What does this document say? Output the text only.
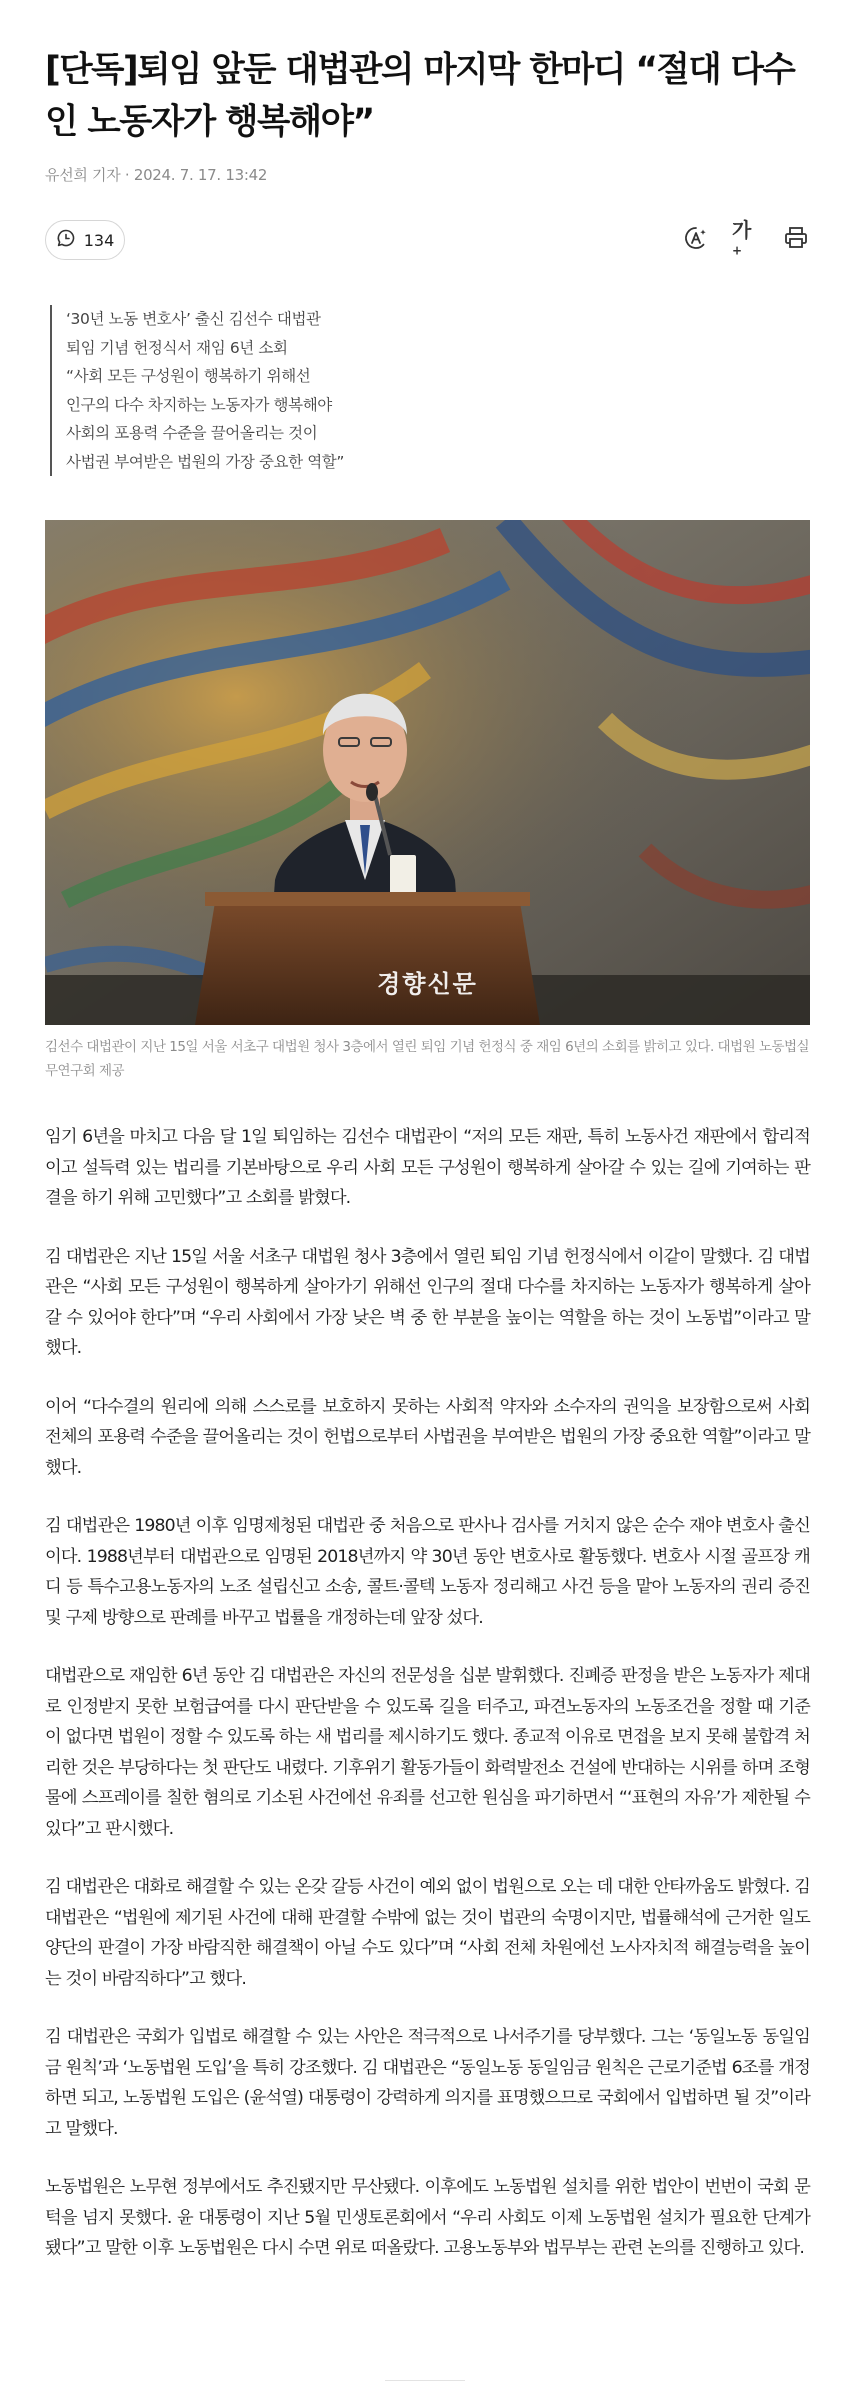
[단독]퇴임 앞둔 대법관의 마지막 한마디 “절대 다수인 노동자가 행복해야”
유선희 기자 · 2024. 7. 17. 13:42
134	가+

‘30년 노동 변호사’ 출신 김선수 대법관

퇴임 기념 헌정식서 재임 6년 소회

“사회 모든 구성원이 행복하기 위해선

인구의 다수 차지하는 노동자가 행복해야

사회의 포용력 수준을 끌어올리는 것이

사법권 부여받은 법원의 가장 중요한 역할”

경향신문

김선수 대법관이 지난 15일 서울 서초구 대법원 청사 3층에서 열린 퇴임 기념 헌정식 중 재임 6년의 소회를 밝히고 있다. 대법원 노동법실무연구회 제공

임기 6년을 마치고 다음 달 1일 퇴임하는 김선수 대법관이 “저의 모든 재판, 특히 노동사건 재판에서 합리적이고 설득력 있는 법리를 기본바탕으로 우리 사회 모든 구성원이 행복하게 살아갈 수 있는 길에 기여하는 판결을 하기 위해 고민했다”고 소회를 밝혔다.

김 대법관은 지난 15일 서울 서초구 대법원 청사 3층에서 열린 퇴임 기념 헌정식에서 이같이 말했다. 김 대법관은 “사회 모든 구성원이 행복하게 살아가기 위해선 인구의 절대 다수를 차지하는 노동자가 행복하게 살아갈 수 있어야 한다”며 “우리 사회에서 가장 낮은 벽 중 한 부분을 높이는 역할을 하는 것이 노동법”이라고 말했다.

이어 “다수결의 원리에 의해 스스로를 보호하지 못하는 사회적 약자와 소수자의 권익을 보장함으로써 사회 전체의 포용력 수준을 끌어올리는 것이 헌법으로부터 사법권을 부여받은 법원의 가장 중요한 역할”이라고 말했다.

김 대법관은 1980년 이후 임명제청된 대법관 중 처음으로 판사나 검사를 거치지 않은 순수 재야 변호사 출신이다. 1988년부터 대법관으로 임명된 2018년까지 약 30년 동안 변호사로 활동했다. 변호사 시절 골프장 캐디 등 특수고용노동자의 노조 설립신고 소송, 콜트·콜텍 노동자 정리해고 사건 등을 맡아 노동자의 권리 증진 및 구제 방향으로 판례를 바꾸고 법률을 개정하는데 앞장 섰다.

대법관으로 재임한 6년 동안 김 대법관은 자신의 전문성을 십분 발휘했다. 진폐증 판정을 받은 노동자가 제대로 인정받지 못한 보험급여를 다시 판단받을 수 있도록 길을 터주고, 파견노동자의 노동조건을 정할 때 기준이 없다면 법원이 정할 수 있도록 하는 새 법리를 제시하기도 했다. 종교적 이유로 면접을 보지 못해 불합격 처리한 것은 부당하다는 첫 판단도 내렸다. 기후위기 활동가들이 화력발전소 건설에 반대하는 시위를 하며 조형물에 스프레이를 칠한 혐의로 기소된 사건에선 유죄를 선고한 원심을 파기하면서 “‘표현의 자유’가 제한될 수 있다”고 판시했다.

김 대법관은 대화로 해결할 수 있는 온갖 갈등 사건이 예외 없이 법원으로 오는 데 대한 안타까움도 밝혔다. 김 대법관은 “법원에 제기된 사건에 대해 판결할 수밖에 없는 것이 법관의 숙명이지만, 법률해석에 근거한 일도양단의 판결이 가장 바람직한 해결책이 아닐 수도 있다”며 “사회 전체 차원에선 노사자치적 해결능력을 높이는 것이 바람직하다”고 했다.

김 대법관은 국회가 입법로 해결할 수 있는 사안은 적극적으로 나서주기를 당부했다. 그는 ‘동일노동 동일임금 원칙’과 ‘노동법원 도입’을 특히 강조했다. 김 대법관은 “동일노동 동일임금 원칙은 근로기준법 6조를 개정하면 되고, 노동법원 도입은 (윤석열) 대통령이 강력하게 의지를 표명했으므로 국회에서 입법하면 될 것”이라고 말했다.

노동법원은 노무현 정부에서도 추진됐지만 무산됐다. 이후에도 노동법원 설치를 위한 법안이 번번이 국회 문턱을 넘지 못했다. 윤 대통령이 지난 5월 민생토론회에서 “우리 사회도 이제 노동법원 설치가 필요한 단계가 됐다”고 말한 이후 노동법원은 다시 수면 위로 떠올랐다. 고용노동부와 법무부는 관련 논의를 진행하고 있다.
